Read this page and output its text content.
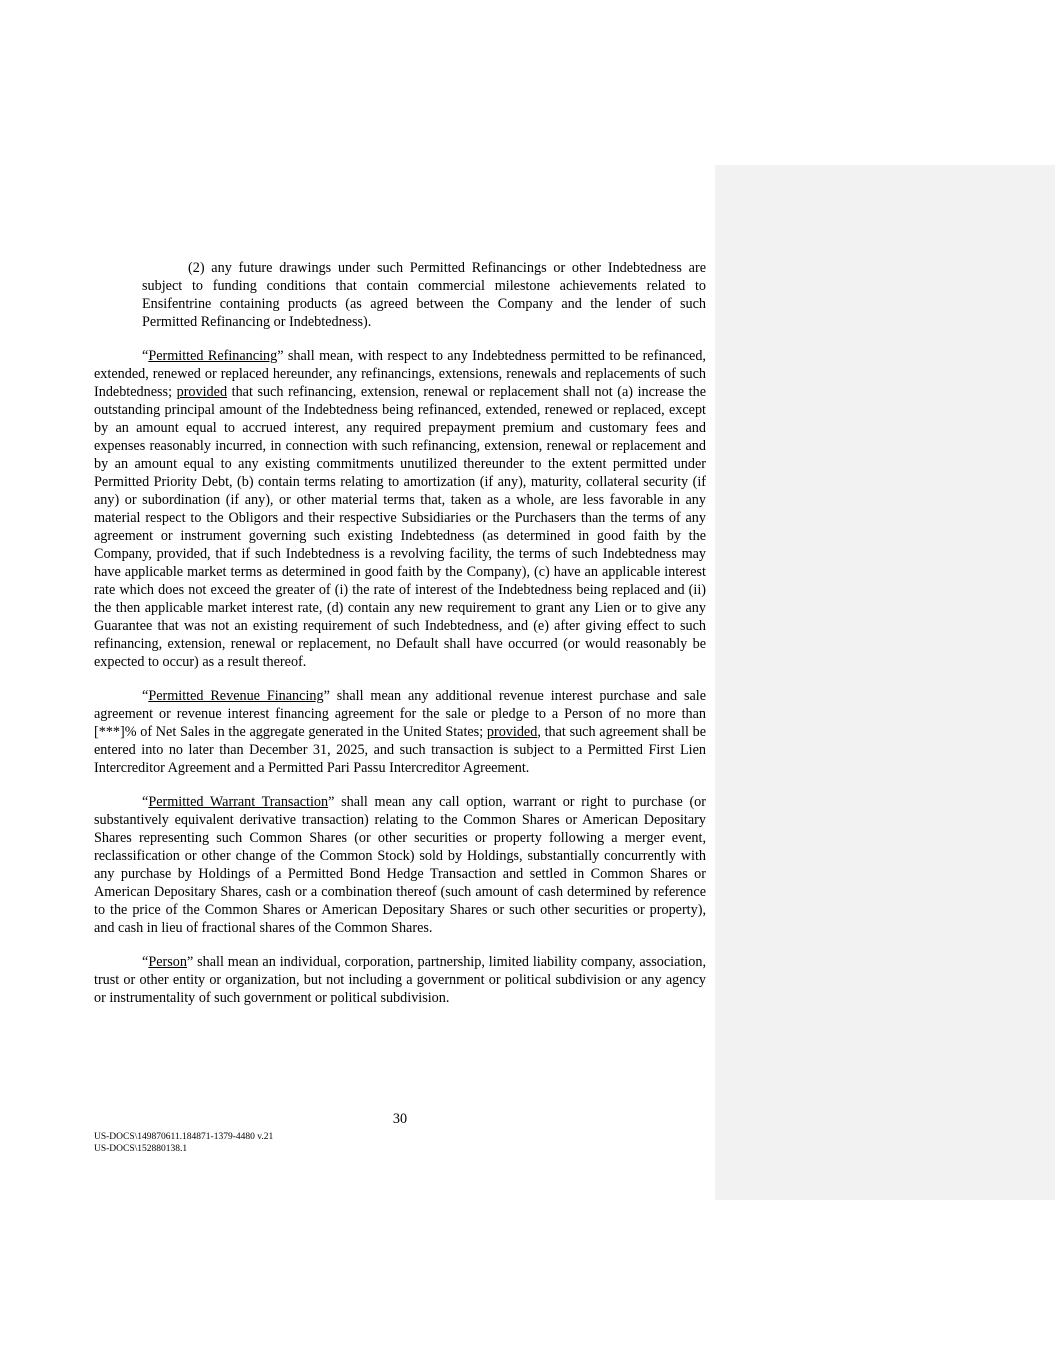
(2) any future drawings under such Permitted Refinancings or other Indebtedness are subject to funding conditions that contain commercial milestone achievements related to Ensifentrine containing products (as agreed between the Company and the lender of such Permitted Refinancing or Indebtedness).

“Permitted Refinancing” shall mean, with respect to any Indebtedness permitted to be refinanced, extended, renewed or replaced hereunder, any refinancings, extensions, renewals and replacements of such Indebtedness; provided that such refinancing, extension, renewal or replacement shall not (a) increase the outstanding principal amount of the Indebtedness being refinanced, extended, renewed or replaced, except by an amount equal to accrued interest, any required prepayment premium and customary fees and expenses reasonably incurred, in connection with such refinancing, extension, renewal or replacement and by an amount equal to any existing commitments unutilized thereunder to the extent permitted under Permitted Priority Debt, (b) contain terms relating to amortization (if any), maturity, collateral security (if any) or subordination (if any), or other material terms that, taken as a whole, are less favorable in any material respect to the Obligors and their respective Subsidiaries or the Purchasers than the terms of any agreement or instrument governing such existing Indebtedness (as determined in good faith by the Company, provided, that if such Indebtedness is a revolving facility, the terms of such Indebtedness may have applicable market terms as determined in good faith by the Company), (c) have an applicable interest rate which does not exceed the greater of (i) the rate of interest of the Indebtedness being replaced and (ii) the then applicable market interest rate, (d) contain any new requirement to grant any Lien or to give any Guarantee that was not an existing requirement of such Indebtedness, and (e) after giving effect to such refinancing, extension, renewal or replacement, no Default shall have occurred (or would reasonably be expected to occur) as a result thereof.

“Permitted Revenue Financing” shall mean any additional revenue interest purchase and sale agreement or revenue interest financing agreement for the sale or pledge to a Person of no more than [***]% of Net Sales in the aggregate generated in the United States; provided, that such agreement shall be entered into no later than December 31, 2025, and such transaction is subject to a Permitted First Lien Intercreditor Agreement and a Permitted Pari Passu Intercreditor Agreement.

“Permitted Warrant Transaction” shall mean any call option, warrant or right to purchase (or substantively equivalent derivative transaction) relating to the Common Shares or American Depositary Shares representing such Common Shares (or other securities or property following a merger event, reclassification or other change of the Common Stock) sold by Holdings, substantially concurrently with any purchase by Holdings of a Permitted Bond Hedge Transaction and settled in Common Shares or American Depositary Shares, cash or a combination thereof (such amount of cash determined by reference to the price of the Common Shares or American Depositary Shares or such other securities or property), and cash in lieu of fractional shares of the Common Shares.

“Person” shall mean an individual, corporation, partnership, limited liability company, association, trust or other entity or organization, but not including a government or political subdivision or any agency or instrumentality of such government or political subdivision.

30
US-DOCS\149870611.184871-1379-4480 v.21
US-DOCS\152880138.1
